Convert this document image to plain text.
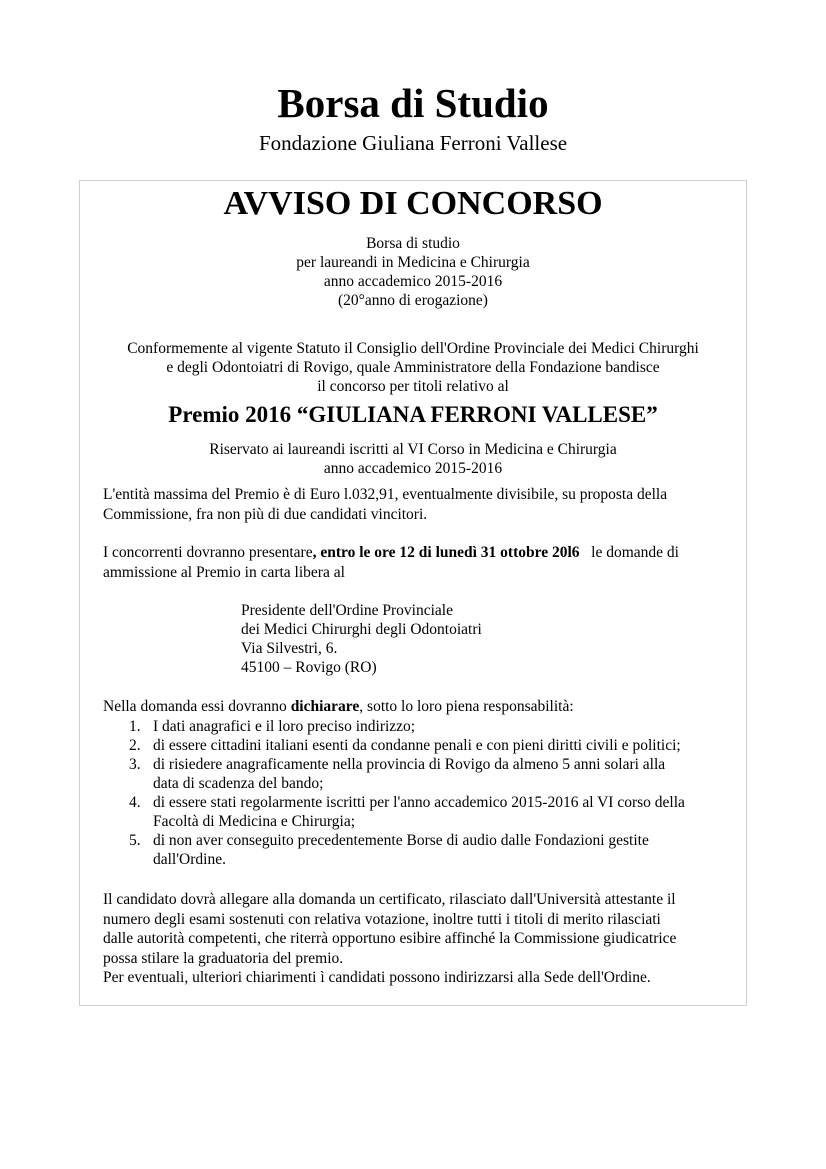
Borsa di Studio
Fondazione Giuliana Ferroni Vallese
AVVISO DI CONCORSO
Borsa di studio
per laureandi in Medicina e Chirurgia
anno accademico 2015-2016
(20°anno di erogazione)
Conformemente al vigente Statuto il Consiglio dell'Ordine Provinciale dei Medici Chirurghi
e degli Odontoiatri di Rovigo, quale Amministratore della Fondazione bandisce
il concorso per titoli relativo al
Premio 2016 “GIULIANA FERRONI VALLESE”
Riservato ai laureandi iscritti al VI Corso in Medicina e Chirurgia
anno accademico 2015-2016
L'entità massima del Premio è di Euro l.032,91, eventualmente divisibile, su proposta della
Commissione, fra non più di due candidati vincitori.
I concorrenti dovranno presentare, entro le ore 12 di lunedì 31 ottobre 20l6   le domande di
ammissione al Premio in carta libera al
Presidente dell'Ordine Provinciale
dei Medici Chirurghi degli Odontoiatri
Via Silvestri, 6.
45100 – Rovigo (RO)
Nella domanda essi dovranno dichiarare, sotto lo loro piena responsabilità:
1. I dati anagrafici e il loro preciso indirizzo;
2. di essere cittadini italiani esenti da condanne penali e con pieni diritti civili e politici;
3. di risiedere anagraficamente nella provincia di Rovigo da almeno 5 anni solari alla
data di scadenza del bando;
4. di essere stati regolarmente iscritti per l'anno accademico 2015-2016 al VI corso della
Facoltà di Medicina e Chirurgia;
5. di non aver conseguito precedentemente Borse di audio dalle Fondazioni gestite
dall'Ordine.
Il candidato dovrà allegare alla domanda un certificato, rilasciato dall'Università attestante il
numero degli esami sostenuti con relativa votazione, inoltre tutti i titoli di merito rilasciati
dalle autorità competenti, che riterrà opportuno esibire affinché la Commissione giudicatrice
possa stilare la graduatoria del premio.
Per eventuali, ulteriori chiarimenti ì candidati possono indirizzarsi alla Sede dell'Ordine.
